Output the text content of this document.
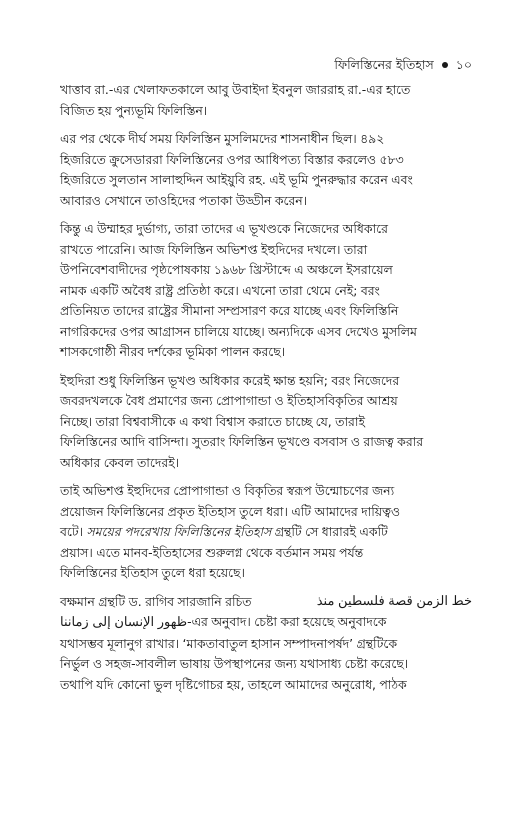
ফিলিস্তিনের ইতিহাস ১০

খাত্তাব রা.-এর খেলাফতকালে আবু উবাইদা ইবনুল জাররাহ রা.-এর হাতে
বিজিত হয় পুন্যভূমি ফিলিস্তিন।

এর পর থেকে দীর্ঘ সময় ফিলিস্তিন মুসলিমদের শাসনাধীন ছিল। ৪৯২
হিজরিতে ক্রুসেডাররা ফিলিস্তিনের ওপর আধিপত্য বিস্তার করলেও ৫৮৩
হিজরিতে সুলতান সালাহুদ্দিন আইয়ুবি রহ. এই ভূমি পুনরুদ্ধার করেন এবং
আবারও সেখানে তাওহিদের পতাকা উড্ডীন করেন।

কিন্তু এ উম্মাহর দুর্ভাগ্য, তারা তাদের এ ভূখণ্ডকে নিজেদের অধিকারে
রাখতে পারেনি। আজ ফিলিস্তিন অভিশপ্ত ইহুদিদের দখলে। তারা
উপনিবেশবাদীদের পৃষ্ঠপোষকায় ১৯৬৮ খ্রিস্টাব্দে এ অঞ্চলে ইসরায়েল
নামক একটি অবৈধ রাষ্ট্র প্রতিষ্ঠা করে। এখনো তারা থেমে নেই; বরং
প্রতিনিয়ত তাদের রাষ্ট্রের সীমানা সম্প্রসারণ করে যাচ্ছে এবং ফিলিস্তিনি
নাগরিকদের ওপর আগ্রাসন চালিয়ে যাচ্ছে। অন্যদিকে এসব দেখেও মুসলিম
শাসকগোষ্ঠী নীরব দর্শকের ভূমিকা পালন করছে।

ইহুদিরা শুধু ফিলিস্তিন ভূখণ্ড অধিকার করেই ক্ষান্ত হয়নি; বরং নিজেদের
জবরদখলকে বৈধ প্রমাণের জন্য প্রোপাগান্ডা ও ইতিহাসবিকৃতির আশ্রয়
নিচ্ছে। তারা বিশ্ববাসীকে এ কথা বিশ্বাস করাতে চাচ্ছে যে, তারাই
ফিলিস্তিনের আদি বাসিন্দা। সুতরাং ফিলিস্তিন ভূখণ্ডে বসবাস ও রাজত্ব করার
অধিকার কেবল তাদেরই।

তাই অভিশপ্ত ইহুদিদের প্রোপাগান্ডা ও বিকৃতির স্বরূপ উন্মোচণের জন্য
প্রয়োজন ফিলিস্তিনের প্রকৃত ইতিহাস তুলে ধরা। এটি আমাদের দায়িত্বও
বটে। সময়ের পদরেখায় ফিলিস্তিনের ইতিহাস গ্রন্থটি সে ধারারই একটি
প্রয়াস। এতে মানব-ইতিহাসের শুরুলগ্ন থেকে বর্তমান সময় পর্যন্ত
ফিলিস্তিনের ইতিহাস তুলে ধরা হয়েছে।

বক্ষমান গ্রন্থটি ড. রাগিব সারজানি রচিত	خط الزمن قصة فلسطين منذ
ظهور الإنسان إلى زماننا-এর অনুবাদ। চেষ্টা করা হয়েছে অনুবাদকে
যথাসম্ভব মূলানুগ রাখার। ‘মাকতাবাতুল হাসান সম্পাদনাপর্ষদ’ গ্রন্থটিকে
নির্ভুল ও সহজ-সাবলীল ভাষায় উপস্থাপনের জন্য যথাসাধ্য চেষ্টা করেছে।
তথাপি যদি কোনো ভুল দৃষ্টিগোচর হয়, তাহলে আমাদের অনুরোধ, পাঠক
